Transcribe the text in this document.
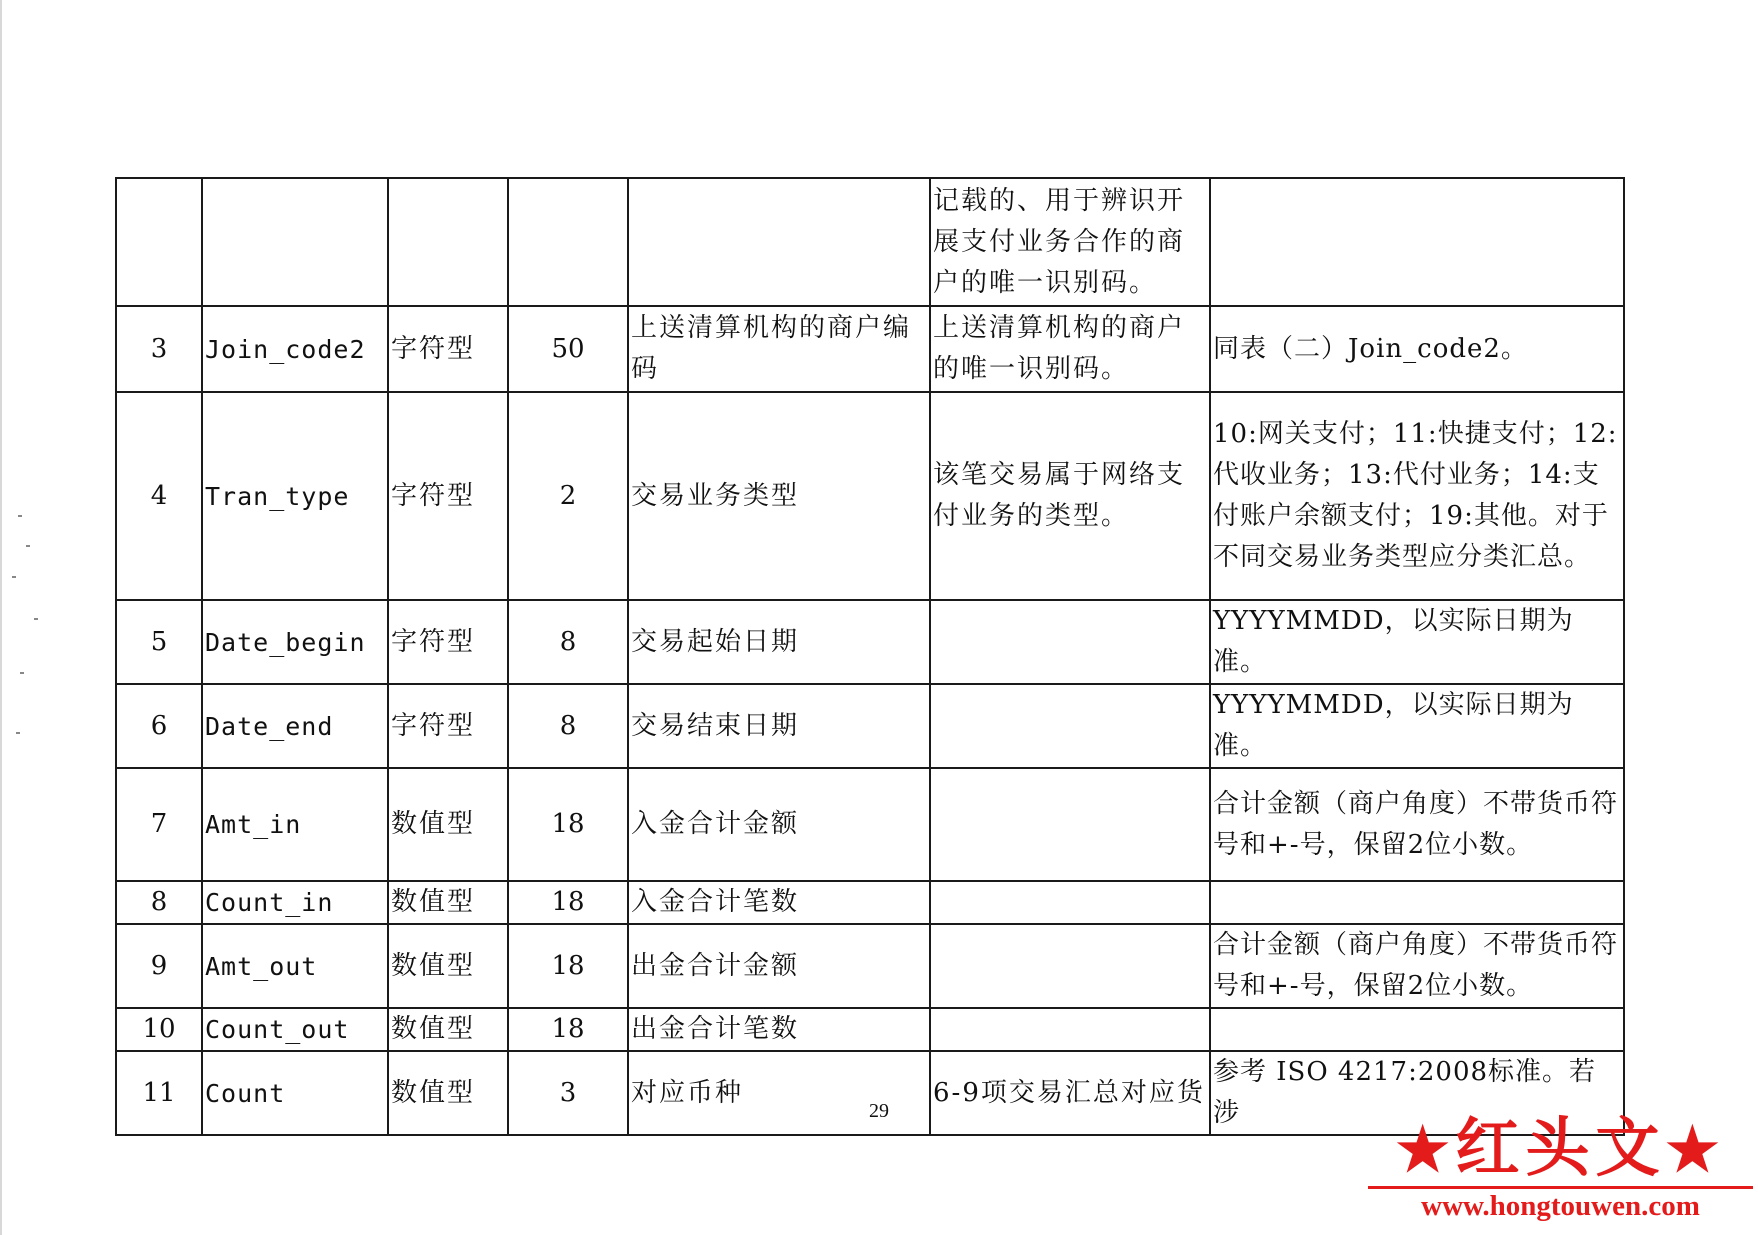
					记载的、用于辨识开展支付业务合作的商户的唯一识别码。	
3	Join_code2	字符型	50	上送清算机构的商户编码	上送清算机构的商户的唯一识别码。	同表（二）Join_code2。
4	Tran_type	字符型	2	交易业务类型	该笔交易属于网络支付业务的类型。	10:网关支付；11:快捷支付；12:代收业务；13:代付业务；14:支付账户余额支付；19:其他。对于不同交易业务类型应分类汇总。
5	Date_begin	字符型	8	交易起始日期		YYYYMMDD，以实际日期为准。
6	Date_end	字符型	8	交易结束日期		YYYYMMDD，以实际日期为准。
7	Amt_in	数值型	18	入金合计金额		合计金额（商户角度）不带货币符号和+-号，保留2位小数。
8	Count_in	数值型	18	入金合计笔数		
9	Amt_out	数值型	18	出金合计金额		合计金额（商户角度）不带货币符号和+-号，保留2位小数。
10	Count_out	数值型	18	出金合计笔数		
11	Count	数值型	3	对应币种	6-9项交易汇总对应货	参考 ISO 4217:2008标准。若涉
29
★红头文★
www.hongtouwen.com
